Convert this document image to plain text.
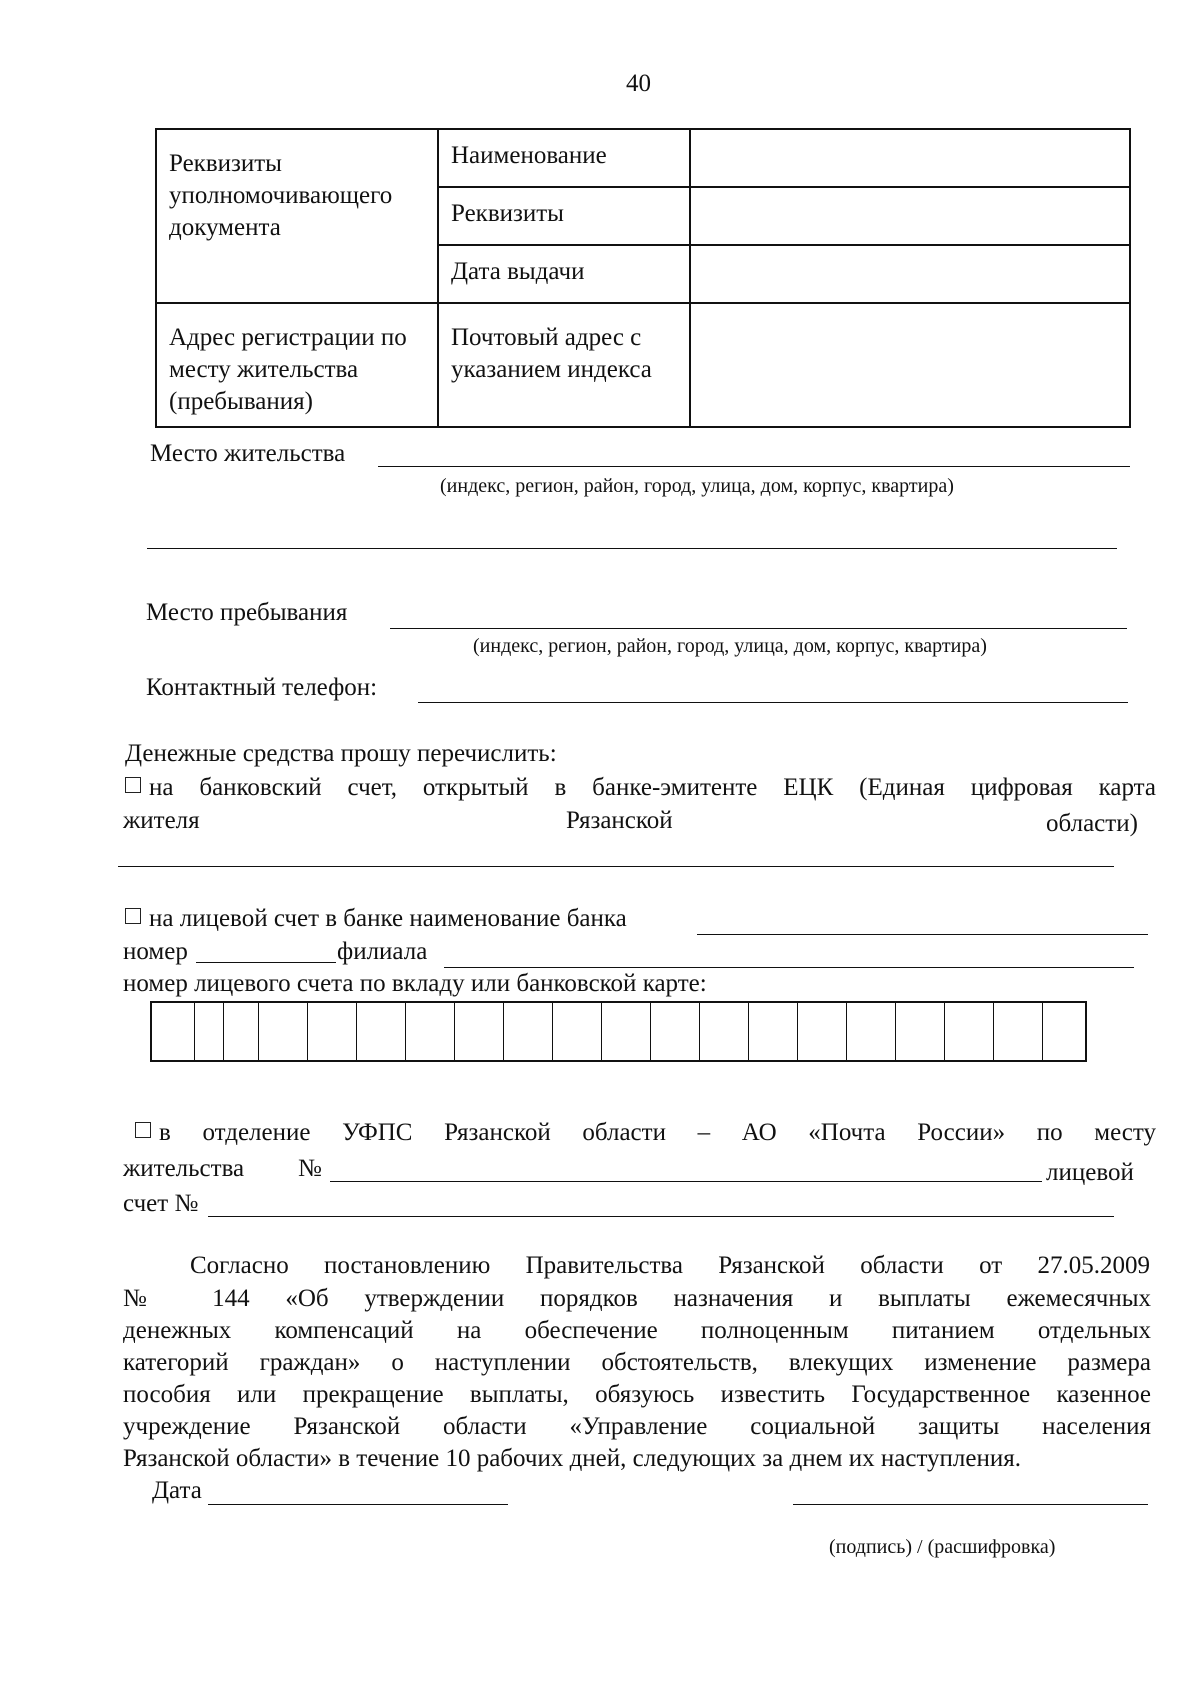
40
Реквизиты уполномочивающего документа	Наименование	
	Реквизиты	
	Дата выдачи	
Адрес регистрации по месту жительства (пребывания)	Почтовый адрес с указанием индекса	
Место жительства
(индекс, регион, район, город, улица, дом, корпус, квартира)
Место пребывания
(индекс, регион, район, город, улица, дом, корпус, квартира)
Контактный телефон:
Денежные средства прошу перечислить:
на банковский счет, открытый в банке-эмитенте ЕЦК (Единая цифровая карта
жителя	Рязанской	области)
на лицевой счет в банке наименование банка
номер	филиала
номер лицевого счета по вкладу или банковской карте:
в отделение УФПС Рязанской области – АО «Почта России» по месту
жительства №	лицевой
счет №
Согласно постановлению Правительства Рязанской области от 27.05.2009
№ 144 «Об утверждении порядков назначения и выплаты ежемесячных
денежных компенсаций на обеспечение полноценным питанием отдельных
категорий граждан» о наступлении обстоятельств, влекущих изменение размера
пособия или прекращение выплаты, обязуюсь известить Государственное казенное
учреждение Рязанской области «Управление социальной защиты населения
Рязанской области» в течение 10 рабочих дней, следующих за днем их наступления.
Дата
(подпись) / (расшифровка)
